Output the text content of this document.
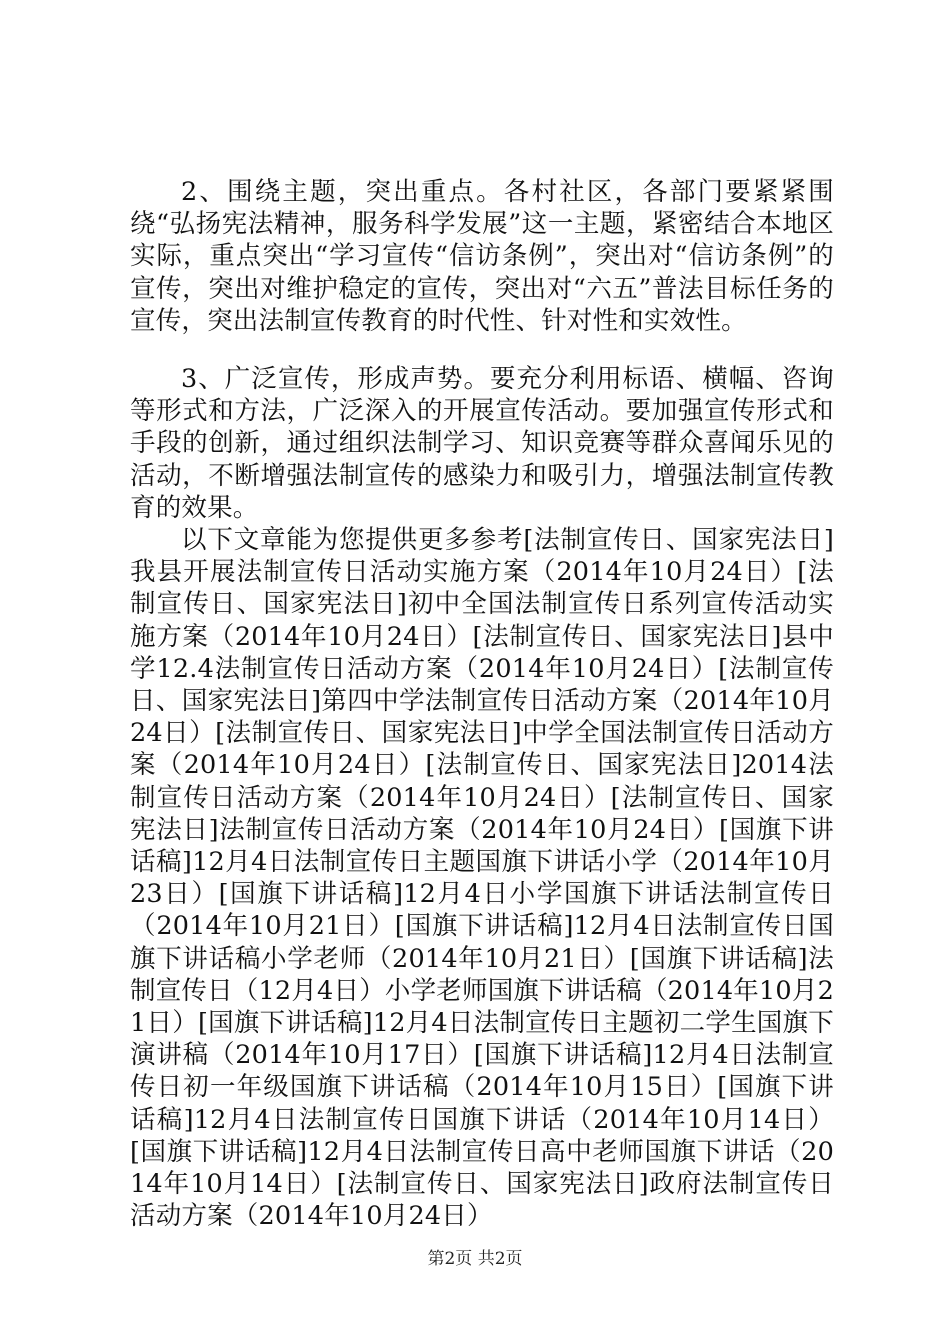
2、围绕主题，突出重点。各村社区，各部门要紧紧围绕“弘扬宪法精神，服务科学发展”这一主题，紧密结合本地区实际，重点突出“学习宣传“信访条例”，突出对“信访条例”的宣传，突出对维护稳定的宣传，突出对“六五”普法目标任务的宣传，突出法制宣传教育的时代性、针对性和实效性。

3、广泛宣传，形成声势。要充分利用标语、横幅、咨询等形式和方法，广泛深入的开展宣传活动。要加强宣传形式和手段的创新，通过组织法制学习、知识竞赛等群众喜闻乐见的活动，不断增强法制宣传的感染力和吸引力，增强法制宣传教育的效果。

以下文章能为您提供更多参考[法制宣传日、国家宪法日]我县开展法制宣传日活动实施方案（2014年10月24日）[法制宣传日、国家宪法日]初中全国法制宣传日系列宣传活动实施方案（2014年10月24日）[法制宣传日、国家宪法日]县中学12.4法制宣传日活动方案（2014年10月24日）[法制宣传日、国家宪法日]第四中学法制宣传日活动方案（2014年10月24日）[法制宣传日、国家宪法日]中学全国法制宣传日活动方案（2014年10月24日）[法制宣传日、国家宪法日]2014法制宣传日活动方案（2014年10月24日）[法制宣传日、国家宪法日]法制宣传日活动方案（2014年10月24日）[国旗下讲话稿]12月4日法制宣传日主题国旗下讲话小学（2014年10月23日）[国旗下讲话稿]12月4日小学国旗下讲话法制宣传日（2014年10月21日）[国旗下讲话稿]12月4日法制宣传日国旗下讲话稿小学老师（2014年10月21日）[国旗下讲话稿]法制宣传日（12月4日）小学老师国旗下讲话稿（2014年10月21日）[国旗下讲话稿]12月4日法制宣传日主题初二学生国旗下演讲稿（2014年10月17日）[国旗下讲话稿]12月4日法制宣传日初一年级国旗下讲话稿（2014年10月15日）[国旗下讲话稿]12月4日法制宣传日国旗下讲话（2014年10月14日）[国旗下讲话稿]12月4日法制宣传日高中老师国旗下讲话（2014年10月14日）[法制宣传日、国家宪法日]政府法制宣传日活动方案（2014年10月24日）

第2页 共2页
